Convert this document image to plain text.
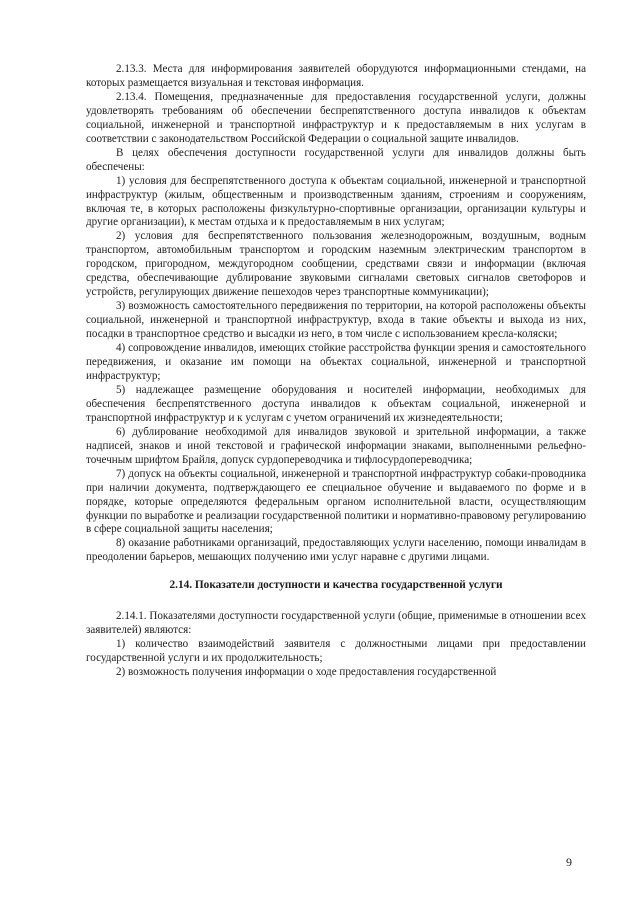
2.13.3. Места для информирования заявителей оборудуются информационными стендами, на которых размещается визуальная и текстовая информация.

2.13.4. Помещения, предназначенные для предоставления государственной услуги, должны удовлетворять требованиям об обеспечении беспрепятственного доступа инвалидов к объектам социальной, инженерной и транспортной инфраструктур и к предоставляемым в них услугам в соответствии с законодательством Российской Федерации о социальной защите инвалидов.

В целях обеспечения доступности государственной услуги для инвалидов должны быть обеспечены:

1) условия для беспрепятственного доступа к объектам социальной, инженерной и транспортной инфраструктур (жилым, общественным и производственным зданиям, строениям и сооружениям, включая те, в которых расположены физкультурно-спортивные организации, организации культуры и другие организации), к местам отдыха и к предоставляемым в них услугам;

2) условия для беспрепятственного пользования железнодорожным, воздушным, водным транспортом, автомобильным транспортом и городским наземным электрическим транспортом в городском, пригородном, междугородном сообщении, средствами связи и информации (включая средства, обеспечивающие дублирование звуковыми сигналами световых сигналов светофоров и устройств, регулирующих движение пешеходов через транспортные коммуникации);

3) возможность самостоятельного передвижения по территории, на которой расположены объекты социальной, инженерной и транспортной инфраструктур, входа в такие объекты и выхода из них, посадки в транспортное средство и высадки из него, в том числе с использованием кресла-коляски;

4) сопровождение инвалидов, имеющих стойкие расстройства функции зрения и самостоятельного передвижения, и оказание им помощи на объектах социальной, инженерной и транспортной инфраструктур;

5) надлежащее размещение оборудования и носителей информации, необходимых для обеспечения беспрепятственного доступа инвалидов к объектам социальной, инженерной и транспортной инфраструктур и к услугам с учетом ограничений их жизнедеятельности;

6) дублирование необходимой для инвалидов звуковой и зрительной информации, а также надписей, знаков и иной текстовой и графической информации знаками, выполненными рельефно-точечным шрифтом Брайля, допуск сурдопереводчика и тифлосурдопереводчика;

7) допуск на объекты социальной, инженерной и транспортной инфраструктур собаки-проводника при наличии документа, подтверждающего ее специальное обучение и выдаваемого по форме и в порядке, которые определяются федеральным органом исполнительной власти, осуществляющим функции по выработке и реализации государственной политики и нормативно-правовому регулированию в сфере социальной защиты населения;

8) оказание работниками организаций, предоставляющих услуги населению, помощи инвалидам в преодолении барьеров, мешающих получению ими услуг наравне с другими лицами.

2.14. Показатели доступности и качества государственной услуги

2.14.1. Показателями доступности государственной услуги (общие, применимые в отношении всех заявителей) являются:

1) количество взаимодействий заявителя с должностными лицами при предоставлении государственной услуги и их продолжительность;

2) возможность получения информации о ходе предоставления государственной

9
